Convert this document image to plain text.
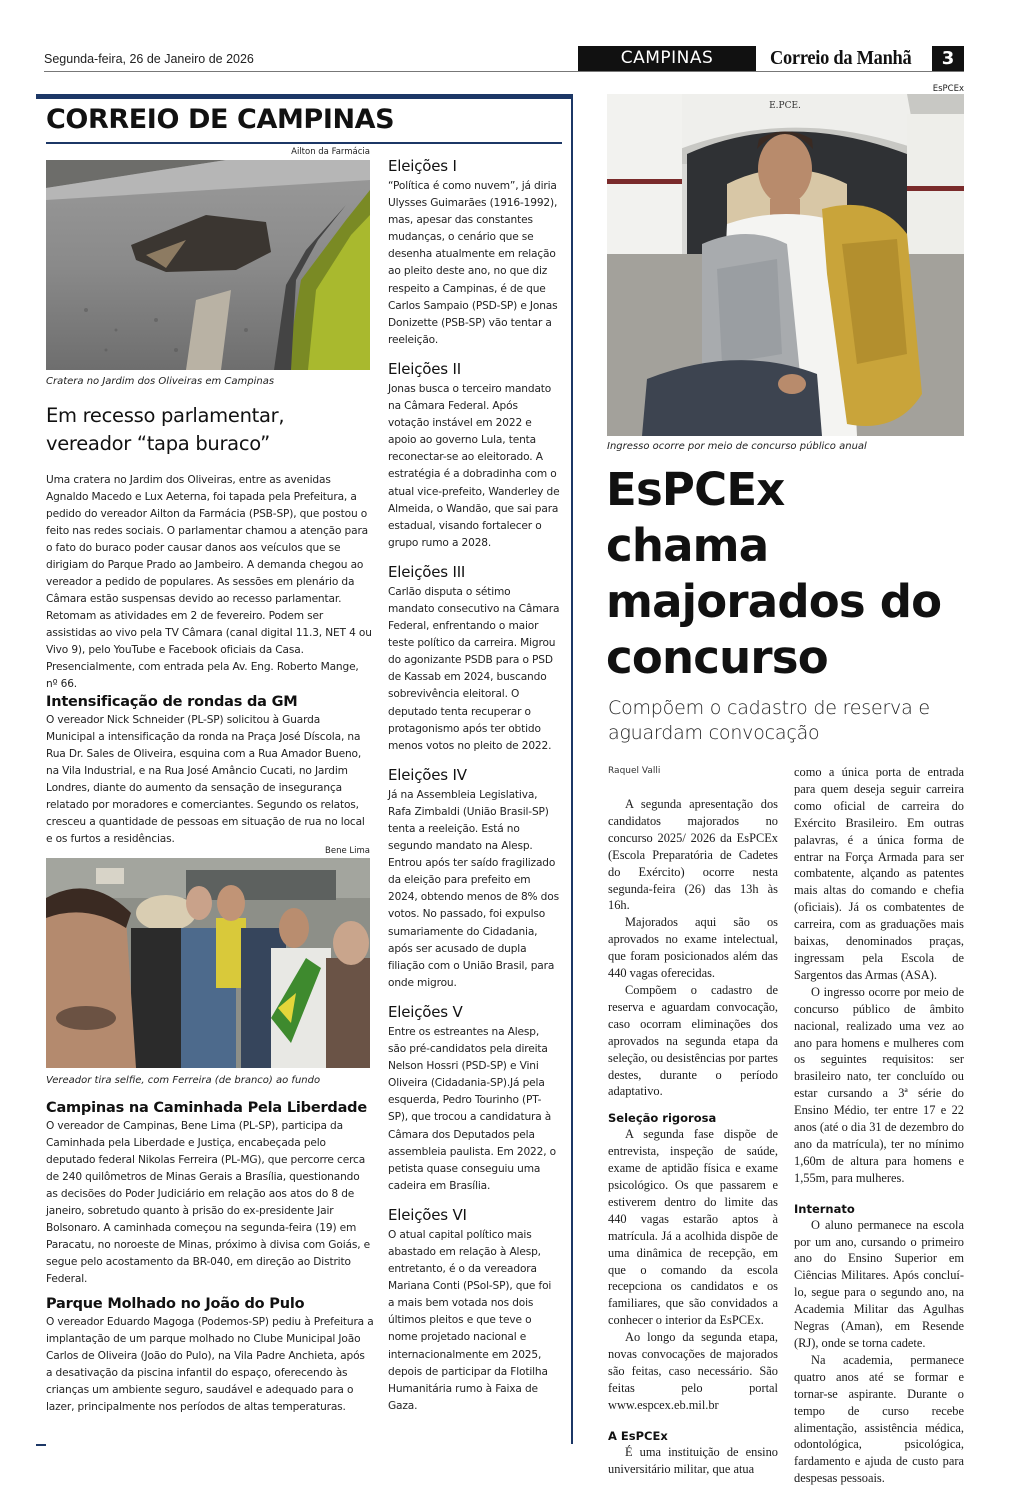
Segunda-feira, 26 de Janeiro de 2026	CAMPINAS	Correio da Manhã	3
CORREIO DE CAMPINAS
Ailton da Farmácia
Cratera no Jardim dos Oliveiras em Campinas
Em recesso parlamentar,
vereador “tapa buraco”
Uma cratera no Jardim dos Oliveiras, entre as avenidas Agnaldo Macedo e Lux Aeterna, foi tapada pela Prefeitura, a pedido do vereador Ailton da Farmácia (PSB-SP), que postou o feito nas redes sociais. O parlamentar chamou a atenção para o fato do buraco poder causar danos aos veículos que se dirigiam do Parque Prado ao Jambeiro. A demanda chegou ao vereador a pedido de populares. As sessões em plenário da Câmara estão suspensas devido ao recesso parlamentar. Retomam as atividades em 2 de fevereiro. Podem ser assistidas ao vivo pela TV Câmara (canal digital 11.3, NET 4 ou Vivo 9), pelo YouTube e Facebook oficiais da Casa. Presencialmente, com entrada pela Av. Eng. Roberto Mange, nº 66.
Intensificação de rondas da GM
O vereador Nick Schneider (PL-SP) solicitou à Guarda Municipal a intensificação da ronda na Praça José Díscola, na Rua Dr. Sales de Oliveira, esquina com a Rua Amador Bueno, na Vila Industrial, e na Rua José Amâncio Cucati, no Jardim Londres, diante do aumento da sensação de insegurança relatado por moradores e comerciantes. Segundo os relatos, cresceu a quantidade de pessoas em situação de rua no local e os furtos a residências.
Bene Lima
Vereador tira selfie, com Ferreira (de branco) ao fundo
Campinas na Caminhada Pela Liberdade
O vereador de Campinas, Bene Lima (PL-SP), participa da Caminhada pela Liberdade e Justiça, encabeçada pelo deputado federal Nikolas Ferreira (PL-MG), que percorre cerca de 240 quilômetros de Minas Gerais a Brasília, questionando as decisões do Poder Judiciário em relação aos atos do 8 de janeiro, sobretudo quanto à prisão do ex-presidente Jair Bolsonaro. A caminhada começou na segunda-feira (19) em Paracatu, no noroeste de Minas, próximo à divisa com Goiás, e segue pelo acostamento da BR-040, em direção ao Distrito Federal.
Parque Molhado no João do Pulo
O vereador Eduardo Magoga (Podemos-SP) pediu à Prefeitura a implantação de um parque molhado no Clube Municipal João Carlos de Oliveira (João do Pulo), na Vila Padre Anchieta, após a desativação da piscina infantil do espaço, oferecendo às crianças um ambiente seguro, saudável e adequado para o lazer, principalmente nos períodos de altas temperaturas.
Eleições I
“Política é como nuvem”, já diria Ulysses Guimarães (1916-1992), mas, apesar das constantes mudanças, o cenário que se desenha atualmente em relação ao pleito deste ano, no que diz respeito a Campinas, é de que Carlos Sampaio (PSD-SP) e Jonas Donizette (PSB-SP) vão tentar a reeleição.
Eleições II
Jonas busca o terceiro mandato na Câmara Federal. Após votação instável em 2022 e apoio ao governo Lula, tenta reconectar-se ao eleitorado. A estratégia é a dobradinha com o atual vice-prefeito, Wanderley de Almeida, o Wandão, que sai para estadual, visando fortalecer o grupo rumo a 2028.
Eleições III
Carlão disputa o sétimo mandato consecutivo na Câmara Federal, enfrentando o maior teste político da carreira. Migrou do agonizante PSDB para o PSD de Kassab em 2024, buscando sobrevivência eleitoral. O deputado tenta recuperar o protagonismo após ter obtido menos votos no pleito de 2022.
Eleições IV
Já na Assembleia Legislativa, Rafa Zimbaldi (União Brasil-SP) tenta a reeleição. Está no segundo mandato na Alesp. Entrou após ter saído fragilizado da eleição para prefeito em 2024, obtendo menos de 8% dos votos. No passado, foi expulso sumariamente do Cidadania, após ser acusado de dupla filiação com o União Brasil, para onde migrou.
Eleições V
Entre os estreantes na Alesp, são pré-candidatos pela direita Nelson Hossri (PSD-SP) e Vini Oliveira (Cidadania-SP).Já pela esquerda, Pedro Tourinho (PT-SP), que trocou a candidatura à Câmara dos Deputados pela assembleia paulista. Em 2022, o petista quase conseguiu uma cadeira em Brasília.
Eleições VI
O atual capital político mais abastado em relação à Alesp, entretanto, é o da vereadora Mariana Conti (PSol-SP), que foi a mais bem votada nos dois últimos pleitos e que teve o nome projetado nacional e internacionalmente em 2025, depois de participar da Flotilha Humanitária rumo à Faixa de Gaza.
EsPCEx
E.PCE.
Ingresso ocorre por meio de concurso público anual
EsPCEx
chama
majorados do
concurso
Compõem o cadastro de reserva e aguardam convocação
Raquel Valli

A segunda apresentação dos candidatos majorados no concurso 2025/ 2026 da EsPCEx (Escola Preparatória de Cadetes do Exército) ocorre nesta segunda-feira (26) das 13h às 16h.

Majorados aqui são os aprovados no exame intelectual, que foram posicionados além das 440 vagas oferecidas.

Compõem o cadastro de reserva e aguardam convocação, caso ocorram eliminações dos aprovados na segunda etapa da seleção, ou desistências por partes destes, durante o período adaptativo.

Seleção rigorosa

A segunda fase dispõe de entrevista, inspeção de saúde, exame de aptidão física e exame psicológico. Os que passarem e estiverem dentro do limite das 440 vagas estarão aptos à matrícula. Já a acolhida dispõe de uma dinâmica de recepção, em que o comando da escola recepciona os candidatos e os familiares, que são convidados a conhecer o interior da EsPCEx.

Ao longo da segunda etapa, novas convocações de majorados são feitas, caso necessário. São feitas pelo portal www.espcex.eb.mil.br

A EsPCEx

É uma instituição de ensino universitário militar, que atua

como a única porta de entrada para quem deseja seguir carreira como oficial de carreira do Exército Brasileiro. Em outras palavras, é a única forma de entrar na Força Armada para ser combatente, alçando as patentes mais altas do comando e chefia (oficiais). Já os combatentes de carreira, com as graduações mais baixas, denominados praças, ingressam pela Escola de Sargentos das Armas (ASA).

O ingresso ocorre por meio de concurso público de âmbito nacional, realizado uma vez ao ano para homens e mulheres com os seguintes requisitos: ser brasileiro nato, ter concluído ou estar cursando a 3ª série do Ensino Médio, ter entre 17 e 22 anos (até o dia 31 de dezembro do ano da matrícula), ter no mínimo 1,60m de altura para homens e 1,55m, para mulheres.

Internato

O aluno permanece na escola por um ano, cursando o primeiro ano do Ensino Superior em Ciências Militares. Após concluí-lo, segue para o segundo ano, na Academia Militar das Agulhas Negras (Aman), em Resende (RJ), onde se torna cadete.

Na academia, permanece quatro anos até se formar e tornar-se aspirante. Durante o tempo de curso recebe alimentação, assistência médica, odontológica, psicológica, fardamento e ajuda de custo para despesas pessoais.
